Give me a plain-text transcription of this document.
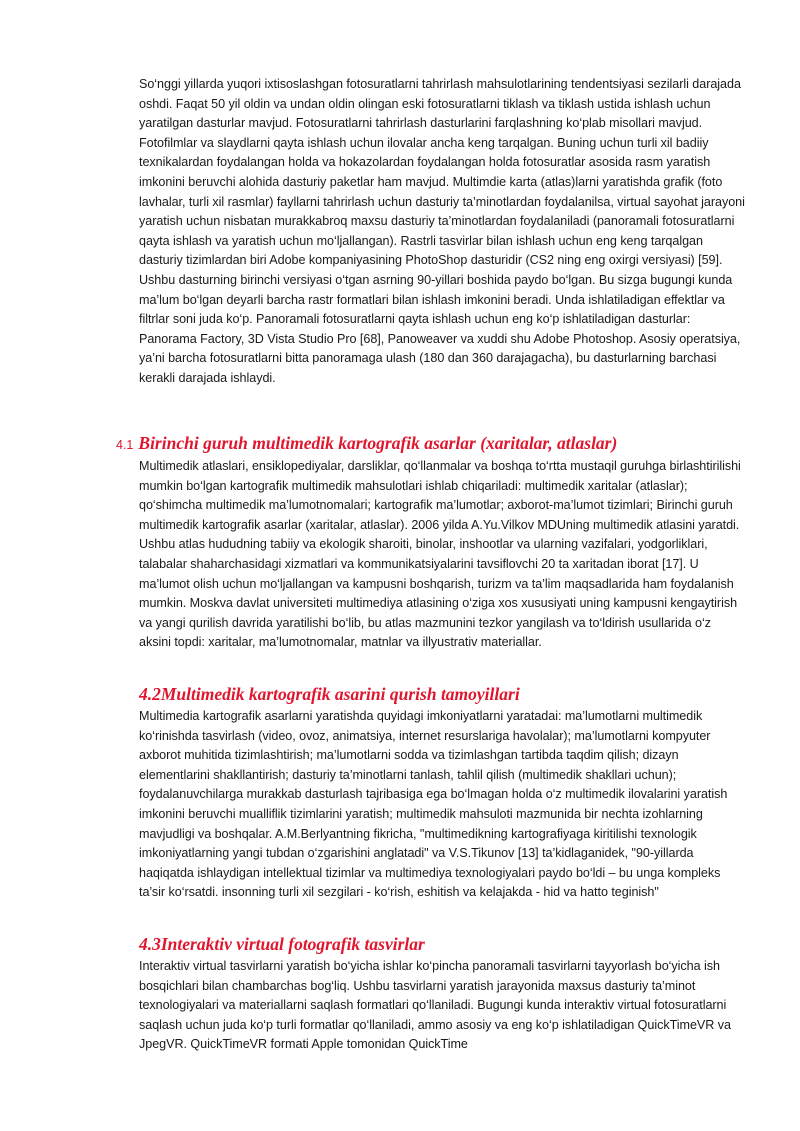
So‘nggi yillarda yuqori ixtisoslashgan fotosuratlarni tahrirlash mahsulotlarining tendentsiyasi sezilarli darajada oshdi. Faqat 50 yil oldin va undan oldin olingan eski fotosuratlarni tiklash va tiklash ustida ishlash uchun yaratilgan dasturlar mavjud. Fotosuratlarni tahrirlash dasturlarini farqlashning ko‘plab misollari mavjud. Fotofilmlar va slaydlarni qayta ishlash uchun ilovalar ancha keng tarqalgan. Buning uchun turli xil badiiy texnikalardan foydalangan holda va hokazolardan foydalangan holda fotosuratlar asosida rasm yaratish imkonini beruvchi alohida dasturiy paketlar ham mavjud. Multimdie karta (atlas)larni yaratishda grafik (foto lavhalar, turli xil rasmlar) fayllarni tahrirlash uchun dasturiy ta’minotlardan foydalanilsa, virtual sayohat jarayoni yaratish uchun nisbatan murakkabroq maxsu dasturiy ta’minotlardan foydalaniladi (panoramali fotosuratlarni qayta ishlash va yaratish uchun mo‘ljallangan). Rastrli tasvirlar bilan ishlash uchun eng keng tarqalgan dasturiy tizimlardan biri Adobe kompaniyasining PhotoShop dasturidir (CS2 ning eng oxirgi versiyasi) [59]. Ushbu dasturning birinchi versiyasi o‘tgan asrning 90-yillari boshida paydo bo‘lgan. Bu sizga bugungi kunda ma’lum bo‘lgan deyarli barcha rastr formatlari bilan ishlash imkonini beradi. Unda ishlatiladigan effektlar va filtrlar soni juda ko‘p. Panoramali fotosuratlarni qayta ishlash uchun eng ko‘p ishlatiladigan dasturlar: Panorama Factory, 3D Vista Studio Pro [68], Panoweaver va xuddi shu Adobe Photoshop. Asosiy operatsiya, ya’ni barcha fotosuratlarni bitta panoramaga ulash (180 dan 360 darajagacha), bu dasturlarning barchasi kerakli darajada ishlaydi.

4.1 Birinchi guruh multimedik kartografik asarlar (xaritalar, atlaslar)

Multimedik atlaslari, ensiklopediyalar, darsliklar, qo‘llanmalar va boshqa to‘rtta mustaqil guruhga birlashtirilishi mumkin bo‘lgan kartografik multimedik mahsulotlari ishlab chiqariladi: multimedik xaritalar (atlaslar); qo‘shimcha multimedik ma’lumotnomalari; kartografik ma’lumotlar; axborot-ma’lumot tizimlari; Birinchi guruh multimedik kartografik asarlar (xaritalar, atlaslar). 2006 yilda A.Yu.Vilkov MDUning multimedik atlasini yaratdi. Ushbu atlas hududning tabiiy va ekologik sharoiti, binolar, inshootlar va ularning vazifalari, yodgorliklari, talabalar shaharchasidagi xizmatlari va kommunikatsiyalarini tavsiflovchi 20 ta xaritadan iborat [17]. U ma’lumot olish uchun mo‘ljallangan va kampusni boshqarish, turizm va ta’lim maqsadlarida ham foydalanish mumkin. Moskva davlat universiteti multimediya atlasining o‘ziga xos xususiyati uning kampusni kengaytirish va yangi qurilish davrida yaratilishi bo‘lib, bu atlas mazmunini tezkor yangilash va to‘ldirish usullarida o‘z aksini topdi: xaritalar, ma’lumotnomalar, matnlar va illyustrativ materiallar.

4.2Multimedik kartografik asarini qurish tamoyillari

Multimedia kartografik asarlarni yaratishda quyidagi imkoniyatlarni yaratadai: ma’lumotlarni multimedik ko‘rinishda tasvirlash (video, ovoz, animatsiya, internet resurslariga havolalar); ma’lumotlarni kompyuter axborot muhitida tizimlashtirish; ma’lumotlarni sodda va tizimlashgan tartibda taqdim qilish; dizayn elementlarini shakllantirish; dasturiy ta’minotlarni tanlash, tahlil qilish (multimedik shakllari uchun); foydalanuvchilarga murakkab dasturlash tajribasiga ega bo‘lmagan holda o‘z multimedik ilovalarini yaratish imkonini beruvchi mualliflik tizimlarini yaratish; multimedik mahsuloti mazmunida bir nechta izohlarning mavjudligi va boshqalar. A.M.Berlyantning fikricha, "multimedikning kartografiyaga kiritilishi texnologik imkoniyatlarning yangi tubdan o‘zgarishini anglatadi" va V.S.Tikunov [13] ta’kidlaganidek, "90-yillarda haqiqatda ishlaydigan intellektual tizimlar va multimediya texnologiyalari paydo bo‘ldi – bu unga kompleks ta’sir ko‘rsatdi. insonning turli xil sezgilari - ko‘rish, eshitish va kelajakda - hid va hatto teginish"

4.3Interaktiv virtual fotografik tasvirlar

Interaktiv virtual tasvirlarni yaratish bo‘yicha ishlar ko‘pincha panoramali tasvirlarni tayyorlash bo‘yicha ish bosqichlari bilan chambarchas bog‘liq. Ushbu tasvirlarni yaratish jarayonida maxsus dasturiy ta’minot texnologiyalari va materiallarni saqlash formatlari qo‘llaniladi. Bugungi kunda interaktiv virtual fotosuratlarni saqlash uchun juda ko‘p turli formatlar qo‘llaniladi, ammo asosiy va eng ko‘p ishlatiladigan QuickTimeVR va JpegVR. QuickTimeVR formati Apple tomonidan QuickTime
